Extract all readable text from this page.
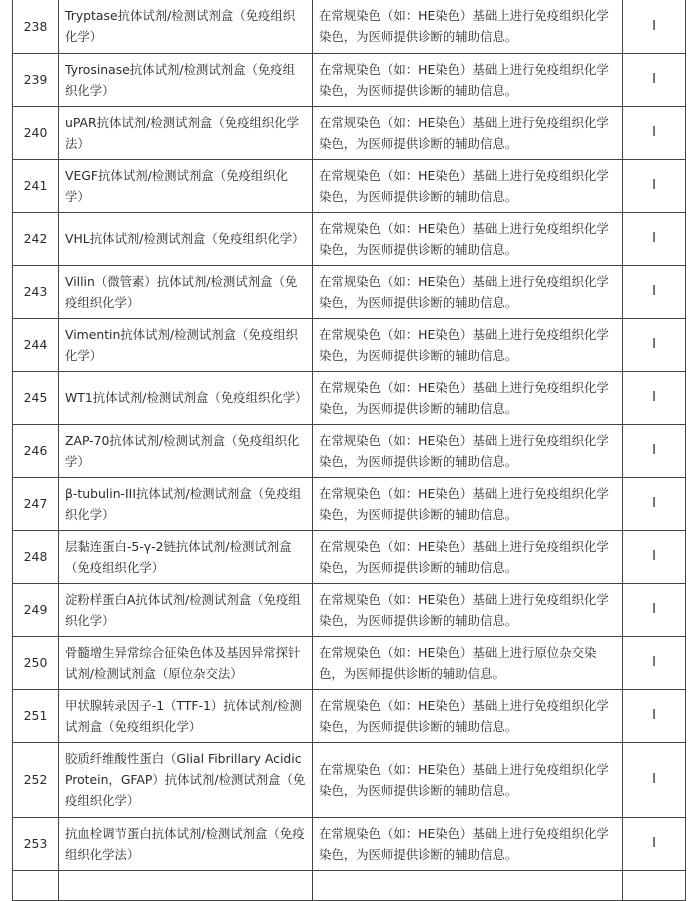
238	Tryptase抗体试剂/检测试剂盒（免疫组织化学）	在常规染色（如：HE染色）基础上进行免疫组织化学染色，为医师提供诊断的辅助信息。	I
239	Tyrosinase抗体试剂/检测试剂盒（免疫组织化学）	在常规染色（如：HE染色）基础上进行免疫组织化学染色，为医师提供诊断的辅助信息。	I
240	uPAR抗体试剂/检测试剂盒（免疫组织化学法）	在常规染色（如：HE染色）基础上进行免疫组织化学染色，为医师提供诊断的辅助信息。	I
241	VEGF抗体试剂/检测试剂盒（免疫组织化学）	在常规染色（如：HE染色）基础上进行免疫组织化学染色，为医师提供诊断的辅助信息。	I
242	VHL抗体试剂/检测试剂盒（免疫组织化学）	在常规染色（如：HE染色）基础上进行免疫组织化学染色，为医师提供诊断的辅助信息。	I
243	Villin（微管素）抗体试剂/检测试剂盒（免疫组织化学）	在常规染色（如：HE染色）基础上进行免疫组织化学染色，为医师提供诊断的辅助信息。	I
244	Vimentin抗体试剂/检测试剂盒（免疫组织化学）	在常规染色（如：HE染色）基础上进行免疫组织化学染色，为医师提供诊断的辅助信息。	I
245	WT1抗体试剂/检测试剂盒（免疫组织化学）	在常规染色（如：HE染色）基础上进行免疫组织化学染色，为医师提供诊断的辅助信息。	I
246	ZAP-70抗体试剂/检测试剂盒（免疫组织化学）	在常规染色（如：HE染色）基础上进行免疫组织化学染色，为医师提供诊断的辅助信息。	I
247	β-tubulin-III抗体试剂/检测试剂盒（免疫组织化学）	在常规染色（如：HE染色）基础上进行免疫组织化学染色，为医师提供诊断的辅助信息。	I
248	层黏连蛋白-5-γ-2链抗体试剂/检测试剂盒（免疫组织化学）	在常规染色（如：HE染色）基础上进行免疫组织化学染色，为医师提供诊断的辅助信息。	I
249	淀粉样蛋白A抗体试剂/检测试剂盒（免疫组织化学）	在常规染色（如：HE染色）基础上进行免疫组织化学染色，为医师提供诊断的辅助信息。	I
250	骨髓增生异常综合征染色体及基因异常探针试剂/检测试剂盒（原位杂交法）	在常规染色（如：HE染色）基础上进行原位杂交染色，为医师提供诊断的辅助信息。	I
251	甲状腺转录因子-1（TTF-1）抗体试剂/检测试剂盒（免疫组织化学）	在常规染色（如：HE染色）基础上进行免疫组织化学染色，为医师提供诊断的辅助信息。	I
252	胶质纤维酸性蛋白（Glial Fibrillary Acidic Protein，GFAP）抗体试剂/检测试剂盒（免疫组织化学）	在常规染色（如：HE染色）基础上进行免疫组织化学染色，为医师提供诊断的辅助信息。	I
253	抗血栓调节蛋白抗体试剂/检测试剂盒（免疫组织化学法）	在常规染色（如：HE染色）基础上进行免疫组织化学染色，为医师提供诊断的辅助信息。	I
